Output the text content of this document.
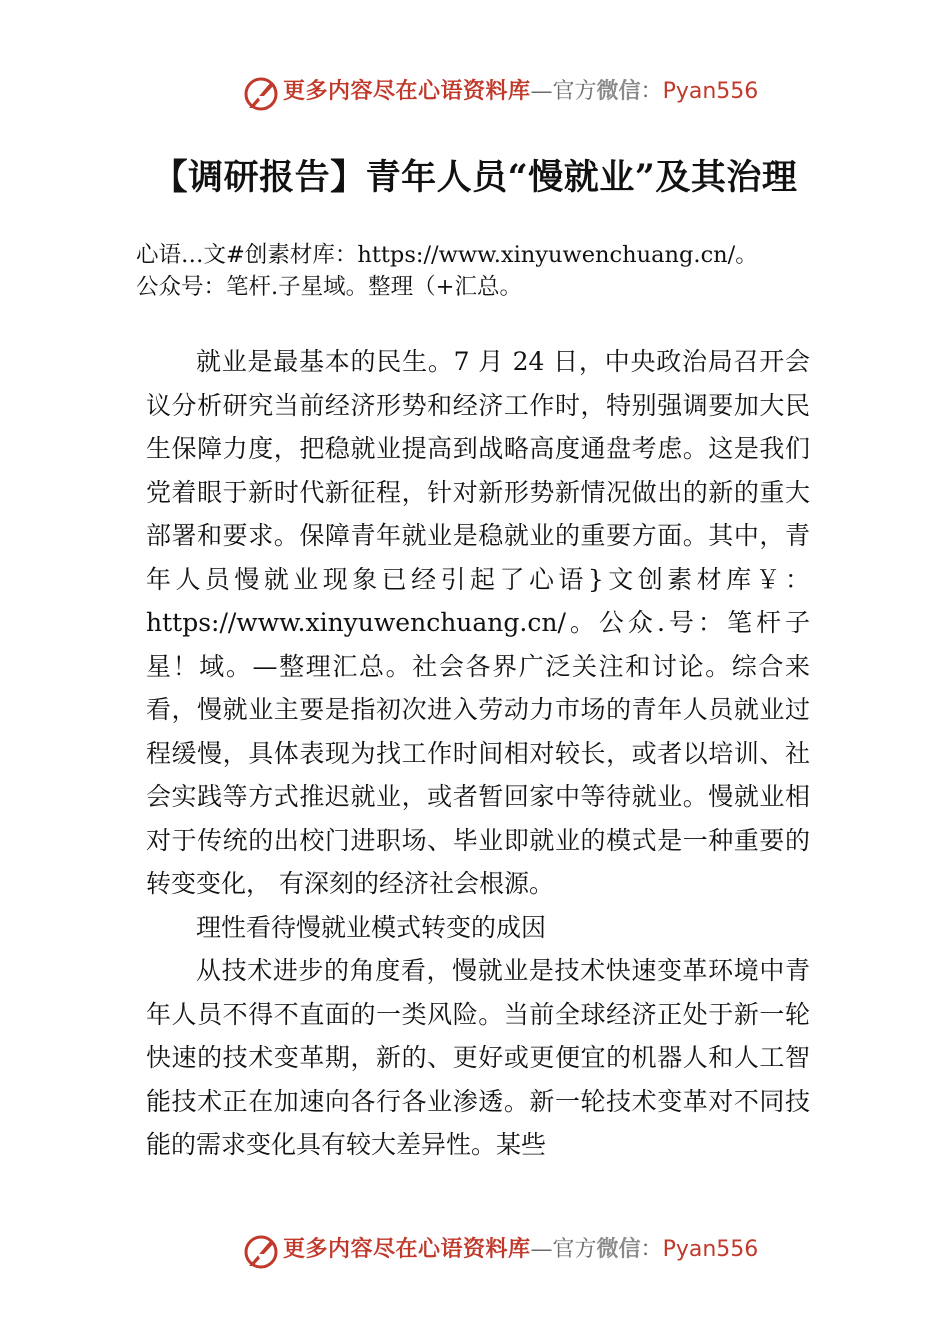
更多内容尽在心语资料库—官方微信：Pyan556
【调研报告】青年人员“慢就业”及其治理
心语…文#创素材库：https://www.xinyuwenchuang.cn/。
公众号：笔杆.子星域。整理（+汇总。

就业是最基本的民生。7 月 24 日，中央政治局召开会议分析研究当前经济形势和经济工作时，特别强调要加大民生保障力度，把稳就业提高到战略高度通盘考虑。这是我们党着眼于新时代新征程，针对新形势新情况做出的新的重大部署和要求。保障青年就业是稳就业的重要方面。其中，青年人员慢就业现象已经引起了心语}文创素材库￥：https://www.xinyuwenchuang.cn/。公众.号：笔杆子星！域。—整理汇总。社会各界广泛关注和讨论。综合来看，慢就业主要是指初次进入劳动力市场的青年人员就业过程缓慢，具体表现为找工作时间相对较长，或者以培训、社会实践等方式推迟就业，或者暂回家中等待就业。慢就业相对于传统的出校门进职场、毕业即就业的模式是一种重要的转变变化， 有深刻的经济社会根源。

理性看待慢就业模式转变的成因

从技术进步的角度看，慢就业是技术快速变革环境中青年人员不得不直面的一类风险。当前全球经济正处于新一轮快速的技术变革期，新的、更好或更便宜的机器人和人工智能技术正在加速向各行各业渗透。新一轮技术变革对不同技能的需求变化具有较大差异性。某些

更多内容尽在心语资料库—官方微信：Pyan556
